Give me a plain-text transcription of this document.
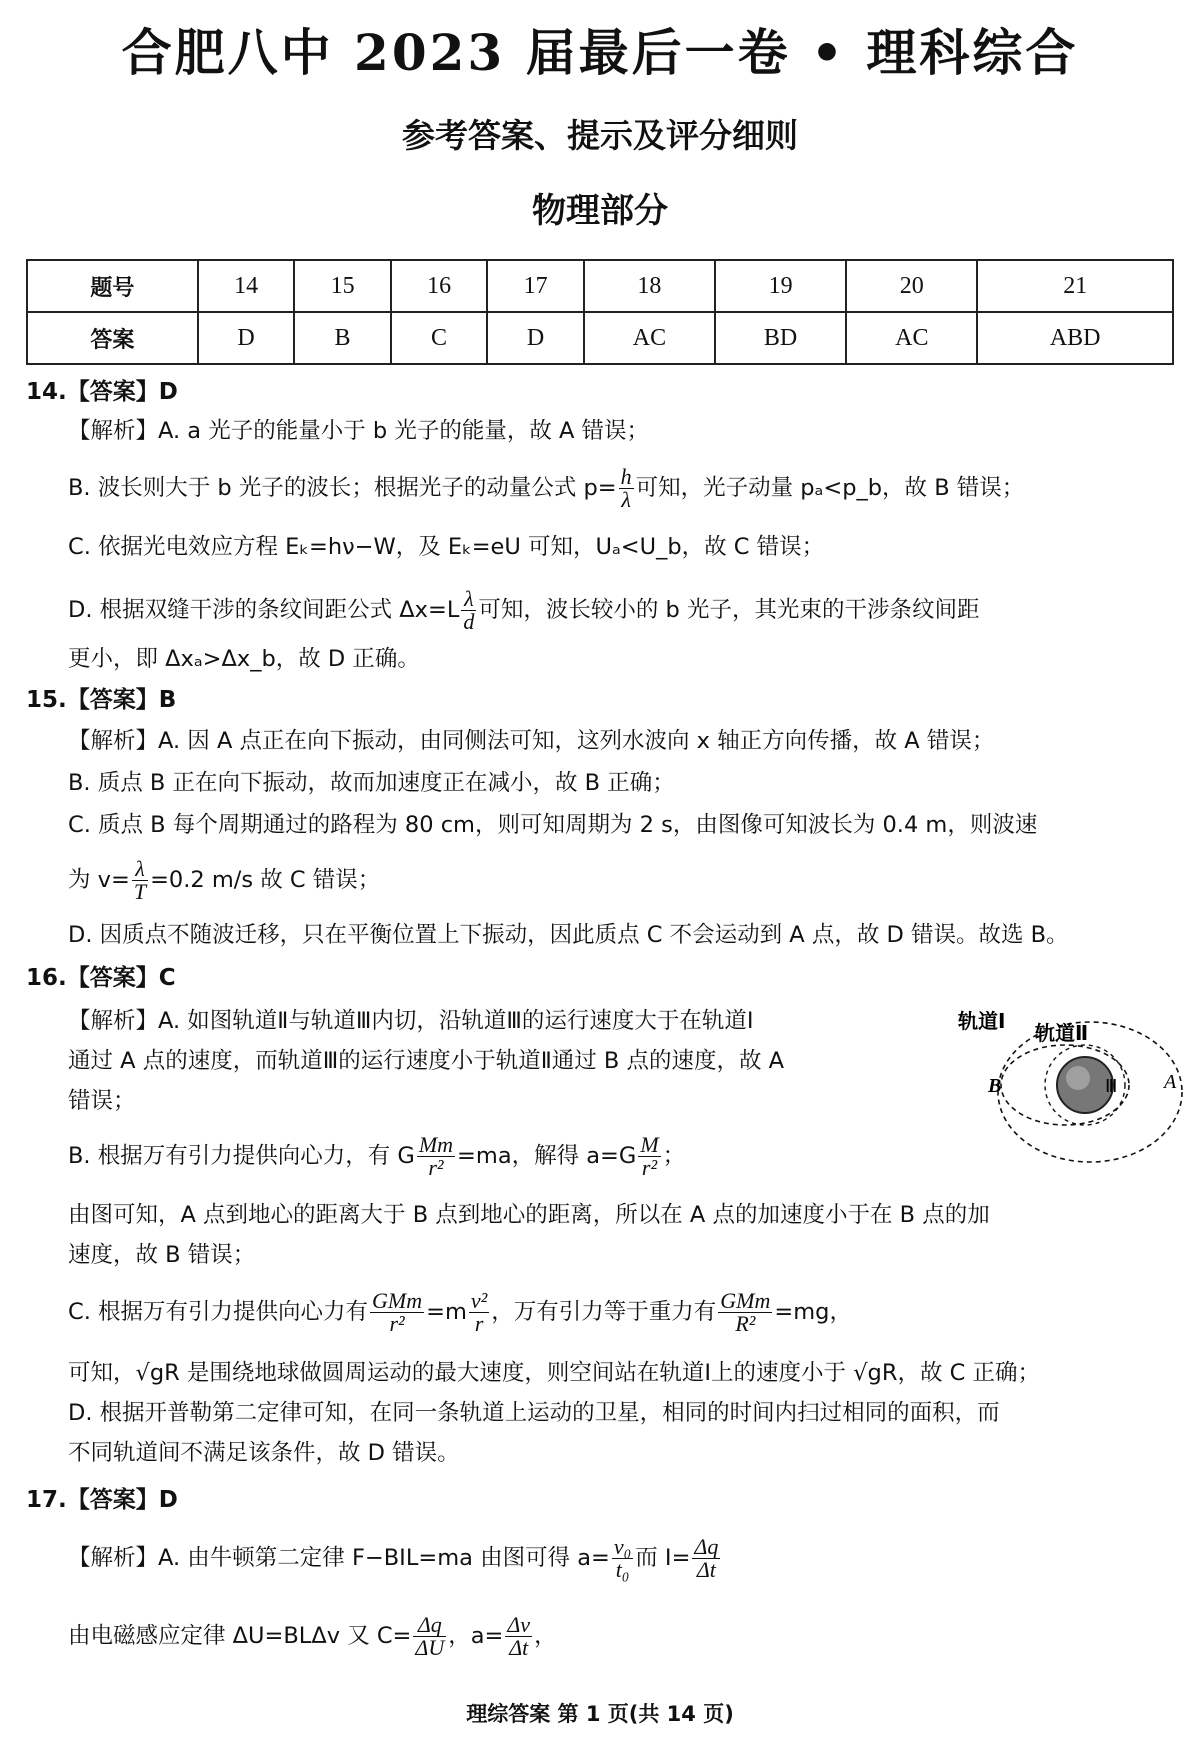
合肥八中 2023 届最后一卷 • 理科综合
参考答案、提示及评分细则
物理部分
题号	14	15	16	17	18	19	20	21
答案	D	B	C	D	AC	BD	AC	ABD
14.【答案】D
【解析】A. a 光子的能量小于 b 光子的能量，故 A 错误；
B. 波长则大于 b 光子的波长；根据光子的动量公式 $p= \frac{h}{\lambda}$ 可知，光子动量 pₐ<p_b，故 B 错误；
C. 依据光电效应方程 Eₖ=hν−W，及 Eₖ=eU 可知，Uₐ<U_b，故 C 错误；
D. 根据双缝干涉的条纹间距公式 $\Delta x=L \frac{\lambda}{d}$ 可知，波长较小的 b 光子，其光束的干涉条纹间距
更小，即 Δxₐ>Δx_b，故 D 正确。
15.【答案】B
【解析】A. 因 A 点正在向下振动，由同侧法可知，这列水波向 x 轴正方向传播，故 A 错误；
B. 质点 B 正在向下振动，故而加速度正在减小，故 B 正确；
C. 质点 B 每个周期通过的路程为 80 cm，则可知周期为 2 s，由图像可知波长为 0.4 m，则波速
为 $v= \frac{\lambda}{T} =0.2$ m/s 故 C 错误；
D. 因质点不随波迁移，只在平衡位置上下振动，因此质点 C 不会运动到 A 点，故 D 错误。故选 B。
16.【答案】C
【解析】A. 如图轨道Ⅱ与轨道Ⅲ内切，沿轨道Ⅲ的运行速度大于在轨道Ⅰ
通过 A 点的速度，而轨道Ⅲ的运行速度小于轨道Ⅱ通过 B 点的速度，故 A
错误；
轨道Ⅰ 轨道Ⅱ
Ⅲ
B	A
B. 根据万有引力提供向心力，有 G $\frac{Mm}{\text{r²}} =ma$，解得 $a=G \frac{M}{\text{r²}}$ ；
由图可知，A 点到地心的距离大于 B 点到地心的距离，所以在 A 点的加速度小于在 B 点的加
速度，故 B 错误；
C. 根据万有引力提供向心力有 $\frac{\text{GMm}}{\text{r²}} =m \frac{\text{v²}}{r}$ ，万有引力等于重力有 $\frac{\text{GMm}}{\text{R²}} =mg$，
可知，√gR 是围绕地球做圆周运动的最大速度，则空间站在轨道Ⅰ上的速度小于 √gR，故 C 正确；
D. 根据开普勒第二定律可知，在同一条轨道上运动的卫星，相同的时间内扫过相同的面积，而
不同轨道间不满足该条件，故 D 错误。
17.【答案】D
【解析】A. 由牛顿第二定律 F−BIL=ma 由图可得 $a= \frac{\text{v₀}}{\text{t₀}}$ 而 $I= \frac{\Delta q}{\Delta t}$
由电磁感应定律 ΔU=BLΔv 又 $C= \frac{\Delta q}{\Delta U}$ ，$a= \frac{\Delta v}{\Delta t}$ ，
理综答案 第 1 页(共 14 页)
